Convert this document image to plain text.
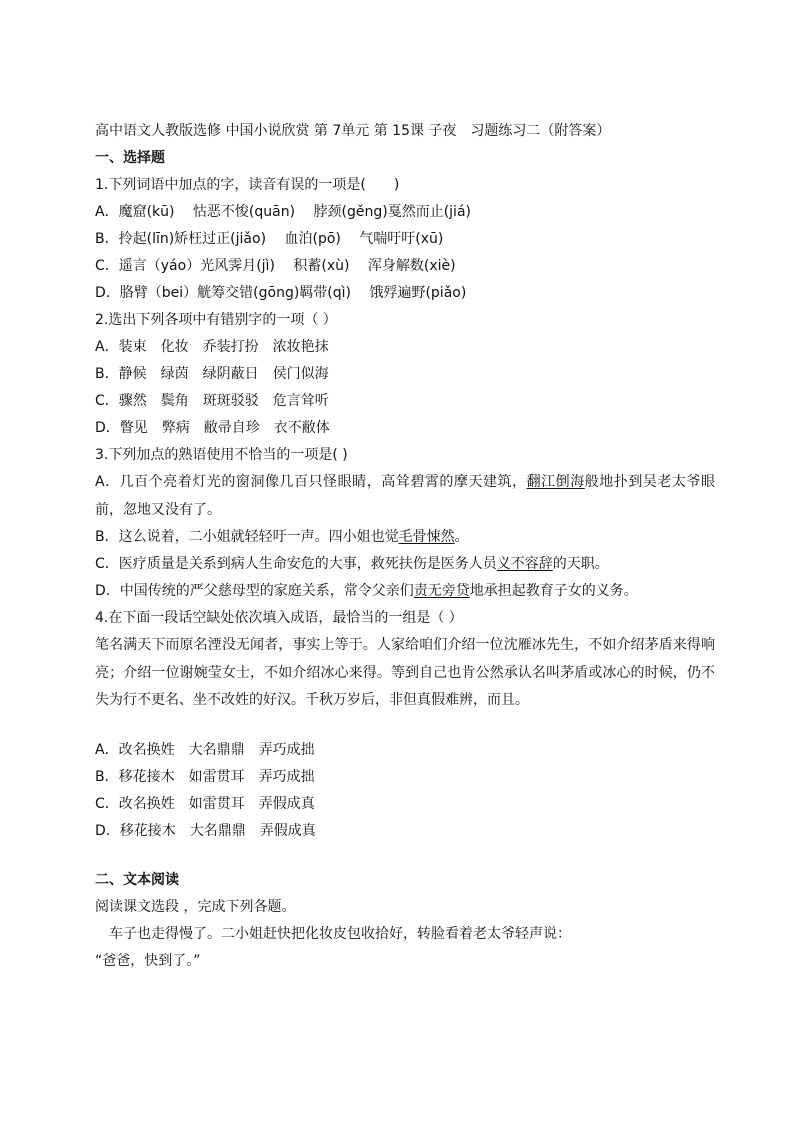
高中语文人教版选修 中国小说欣赏 第 7单元 第 15课 子夜　习题练习二（附答案）
一、选择题
1.下列词语中加点的字，读音有误的一项是(　　)
A．魔窟(kū)　 怙恶不悛(quān)　 脖颈(gěng)戛然而止(jiá)
B．拎起(līn)矫枉过正(jiǎo)　 血泊(pō)　 气喘吁吁(xū)
C．遥言（yáo）光风霁月(jì)　 积蓄(xù)　 浑身解数(xiè)
D．胳臂（bei）觥筹交错(gōng)羁带(qì)　 饿殍遍野(piǎo)
2.选出下列各项中有错别字的一项（ ）
A．装束　化妆　乔装打扮　浓妆艳抹
B．静候　绿茵　绿阴蔽日　侯门似海
C．骤然　鬓角　斑斑驳驳　危言耸听
D．瞥见　弊病　敝帚自珍　衣不敝体
3.下列加点的熟语使用不恰当的一项是( )
A．几百个亮着灯光的窗洞像几百只怪眼睛，高耸碧霄的摩天建筑，翻江倒海般地扑到吴老太爷眼前，忽地又没有了。
B．这么说着，二小姐就轻轻吁一声。四小姐也觉毛骨悚然。
C．医疗质量是关系到病人生命安危的大事，救死扶伤是医务人员义不容辞的天职。
D．中国传统的严父慈母型的家庭关系，常令父亲们责无旁贷地承担起教育子女的义务。
4.在下面一段话空缺处依次填入成语，最恰当的一组是（ ）
笔名满天下而原名湮没无闻者，事实上等于。人家给咱们介绍一位沈雁冰先生，不如介绍茅盾来得响亮；介绍一位谢婉莹女士，不如介绍冰心来得。等到自己也肯公然承认名叫茅盾或冰心的时候，仍不失为行不更名、坐不改姓的好汉。千秋万岁后，非但真假难辨，而且。
A．改名换姓　大名鼎鼎　弄巧成拙
B．移花接木　如雷贯耳　弄巧成拙
C．改名换姓　如雷贯耳　弄假成真
D．移花接木　大名鼎鼎　弄假成真
二、文本阅读
阅读课文选段 ，完成下列各题。
车子也走得慢了。二小姐赶快把化妆皮包收拾好，转脸看着老太爷轻声说：
“爸爸，快到了。”
